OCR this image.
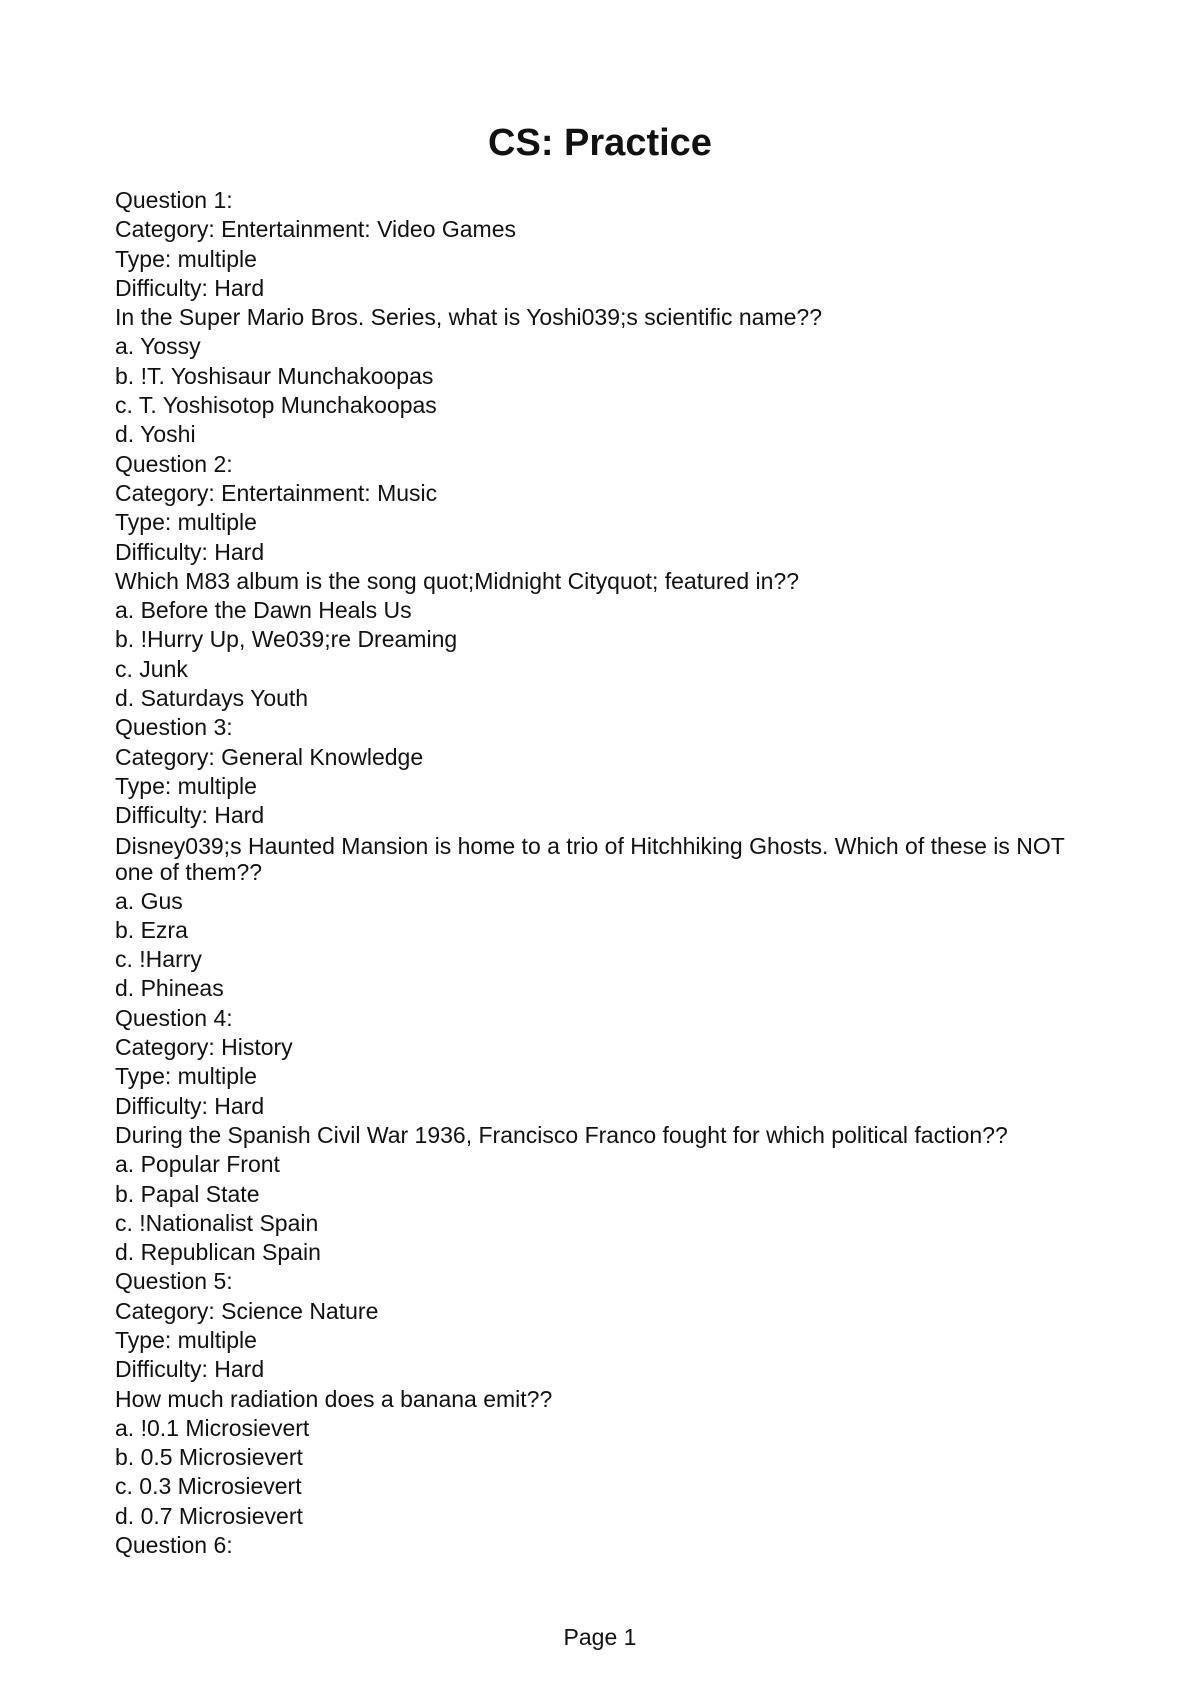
CS: Practice
Question 1:
Category: Entertainment: Video Games
Type: multiple
Difficulty: Hard
In the Super Mario Bros. Series, what is Yoshi039;s scientific name??
a. Yossy
b. !T. Yoshisaur Munchakoopas
c. T. Yoshisotop Munchakoopas
d. Yoshi
Question 2:
Category: Entertainment: Music
Type: multiple
Difficulty: Hard
Which M83 album is the song quot;Midnight Cityquot; featured in??
a. Before the Dawn Heals Us
b. !Hurry Up, We039;re Dreaming
c. Junk
d. Saturdays Youth
Question 3:
Category: General Knowledge
Type: multiple
Difficulty: Hard
Disney039;s Haunted Mansion is home to a trio of Hitchhiking Ghosts. Which of these is NOT one of them??
a. Gus
b. Ezra
c. !Harry
d. Phineas
Question 4:
Category: History
Type: multiple
Difficulty: Hard
During the Spanish Civil War 1936, Francisco Franco fought for which political faction??
a. Popular Front
b. Papal State
c. !Nationalist Spain
d. Republican Spain
Question 5:
Category: Science Nature
Type: multiple
Difficulty: Hard
How much radiation does a banana emit??
a. !0.1 Microsievert
b. 0.5 Microsievert
c. 0.3 Microsievert
d. 0.7 Microsievert
Question 6:
Page 1
